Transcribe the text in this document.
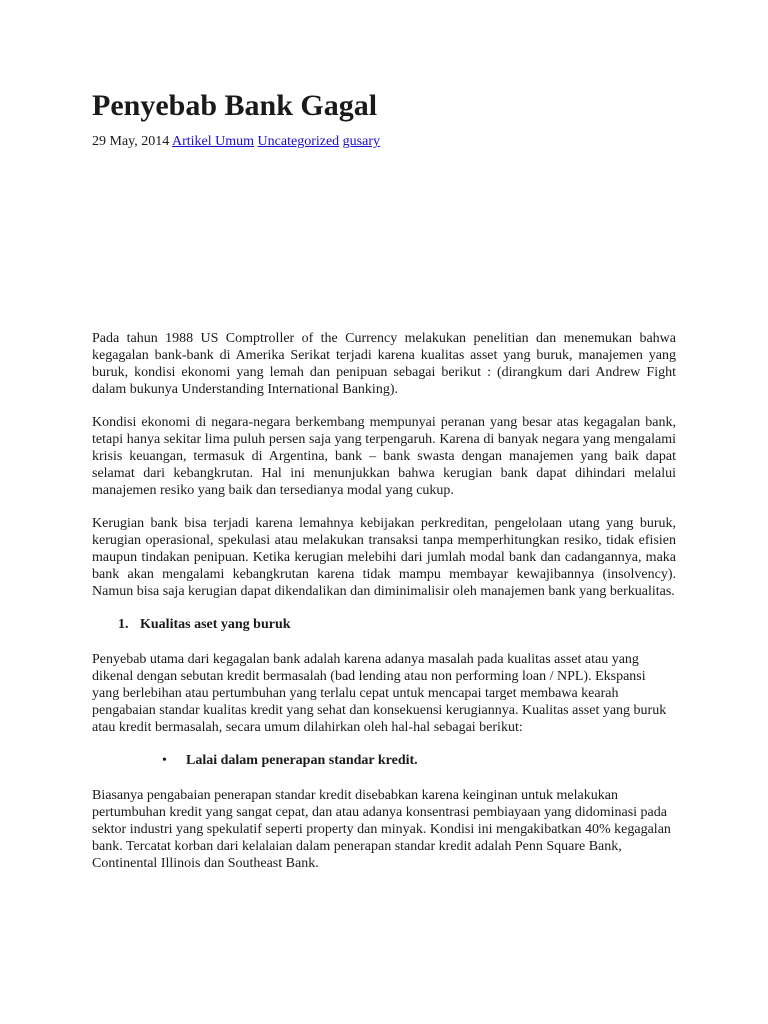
Penyebab Bank Gagal
29 May, 2014 Artikel Umum Uncategorized gusary

Pada tahun 1988 US Comptroller of the Currency melakukan penelitian dan menemukan bahwa kegagalan bank-bank di Amerika Serikat terjadi karena kualitas asset yang buruk, manajemen yang buruk, kondisi ekonomi yang lemah dan penipuan sebagai berikut : (dirangkum dari Andrew Fight dalam bukunya Understanding International Banking).

Kondisi ekonomi di negara-negara berkembang mempunyai peranan yang besar atas kegagalan bank, tetapi hanya sekitar lima puluh persen saja yang terpengaruh. Karena di banyak negara yang mengalami krisis keuangan, termasuk di Argentina, bank – bank swasta dengan manajemen yang baik dapat selamat dari kebangkrutan. Hal ini menunjukkan bahwa kerugian bank dapat dihindari melalui manajemen resiko yang baik dan tersedianya modal yang cukup.

Kerugian bank bisa terjadi karena lemahnya kebijakan perkreditan, pengelolaan utang yang buruk, kerugian operasional, spekulasi atau melakukan transaksi tanpa memperhitungkan resiko, tidak efisien maupun tindakan penipuan. Ketika kerugian melebihi dari jumlah modal bank dan cadangannya, maka bank akan mengalami kebangkrutan karena tidak mampu membayar kewajibannya (insolvency). Namun bisa saja kerugian dapat dikendalikan dan diminimalisir oleh manajemen bank yang berkualitas.

1. Kualitas aset yang buruk

Penyebab utama dari kegagalan bank adalah karena adanya masalah pada kualitas asset atau yang dikenal dengan sebutan kredit bermasalah (bad lending atau non performing loan / NPL). Ekspansi yang berlebihan atau pertumbuhan yang terlalu cepat untuk mencapai target membawa kearah pengabaian standar kualitas kredit yang sehat dan konsekuensi kerugiannya. Kualitas asset yang buruk atau kredit bermasalah, secara umum dilahirkan oleh hal-hal sebagai berikut:

• Lalai dalam penerapan standar kredit.

Biasanya pengabaian penerapan standar kredit disebabkan karena keinginan untuk melakukan pertumbuhan kredit yang sangat cepat, dan atau adanya konsentrasi pembiayaan yang didominasi pada sektor industri yang spekulatif seperti property dan minyak. Kondisi ini mengakibatkan 40% kegagalan bank. Tercatat korban dari kelalaian dalam penerapan standar kredit adalah Penn Square Bank, Continental Illinois dan Southeast Bank.
